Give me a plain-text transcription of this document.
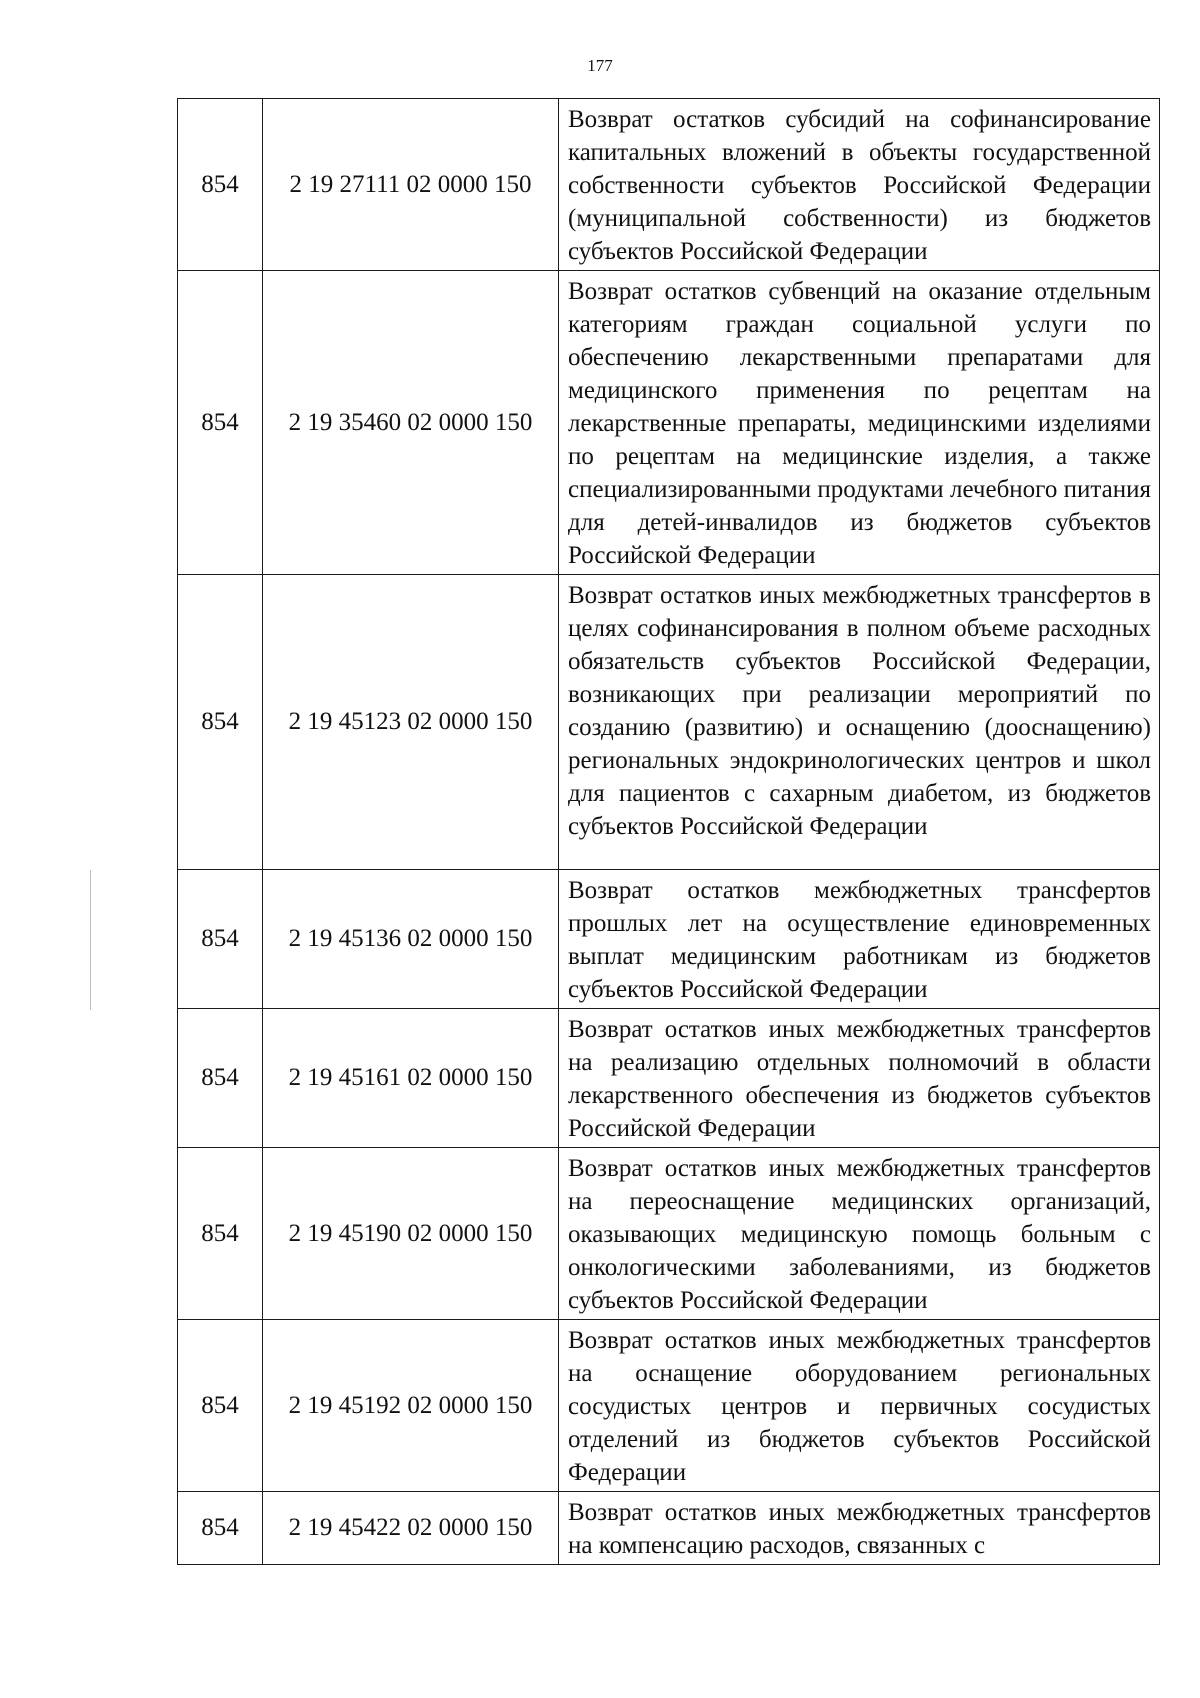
177
854	2 19 27111 02 0000 150	Возврат остатков субсидий на софинансирование капитальных вложений в объекты государственной собственности субъектов Российской Федерации (муниципальной собственности) из бюджетов субъектов Российской Федерации
854	2 19 35460 02 0000 150	Возврат остатков субвенций на оказание отдельным категориям граждан социальной услуги по обеспечению лекарственными препаратами для медицинского применения по рецептам на лекарственные препараты, медицинскими изделиями по рецептам на медицинские изделия, а также специализированными продуктами лечебного питания для детей-инвалидов из бюджетов субъектов Российской Федерации
854	2 19 45123 02 0000 150	Возврат остатков иных межбюджетных трансфертов в целях софинансирования в полном объеме расходных обязательств субъектов Российской Федерации, возникающих при реализации мероприятий по созданию (развитию) и оснащению (дооснащению) региональных эндокринологических центров и школ для пациентов с сахарным диабетом, из бюджетов субъектов Российской Федерации
854	2 19 45136 02 0000 150	Возврат остатков межбюджетных трансфертов прошлых лет на осуществление единовременных выплат медицинским работникам из бюджетов субъектов Российской Федерации
854	2 19 45161 02 0000 150	Возврат остатков иных межбюджетных трансфертов на реализацию отдельных полномочий в области лекарственного обеспечения из бюджетов субъектов Российской Федерации
854	2 19 45190 02 0000 150	Возврат остатков иных межбюджетных трансфертов на переоснащение медицинских организаций, оказывающих медицинскую помощь больным с онкологическими заболеваниями, из бюджетов субъектов Российской Федерации
854	2 19 45192 02 0000 150	Возврат остатков иных межбюджетных трансфертов на оснащение оборудованием региональных сосудистых центров и первичных сосудистых отделений из бюджетов субъектов Российской Федерации
854	2 19 45422 02 0000 150	Возврат остатков иных межбюджетных трансфертов на компенсацию расходов, связанных с
